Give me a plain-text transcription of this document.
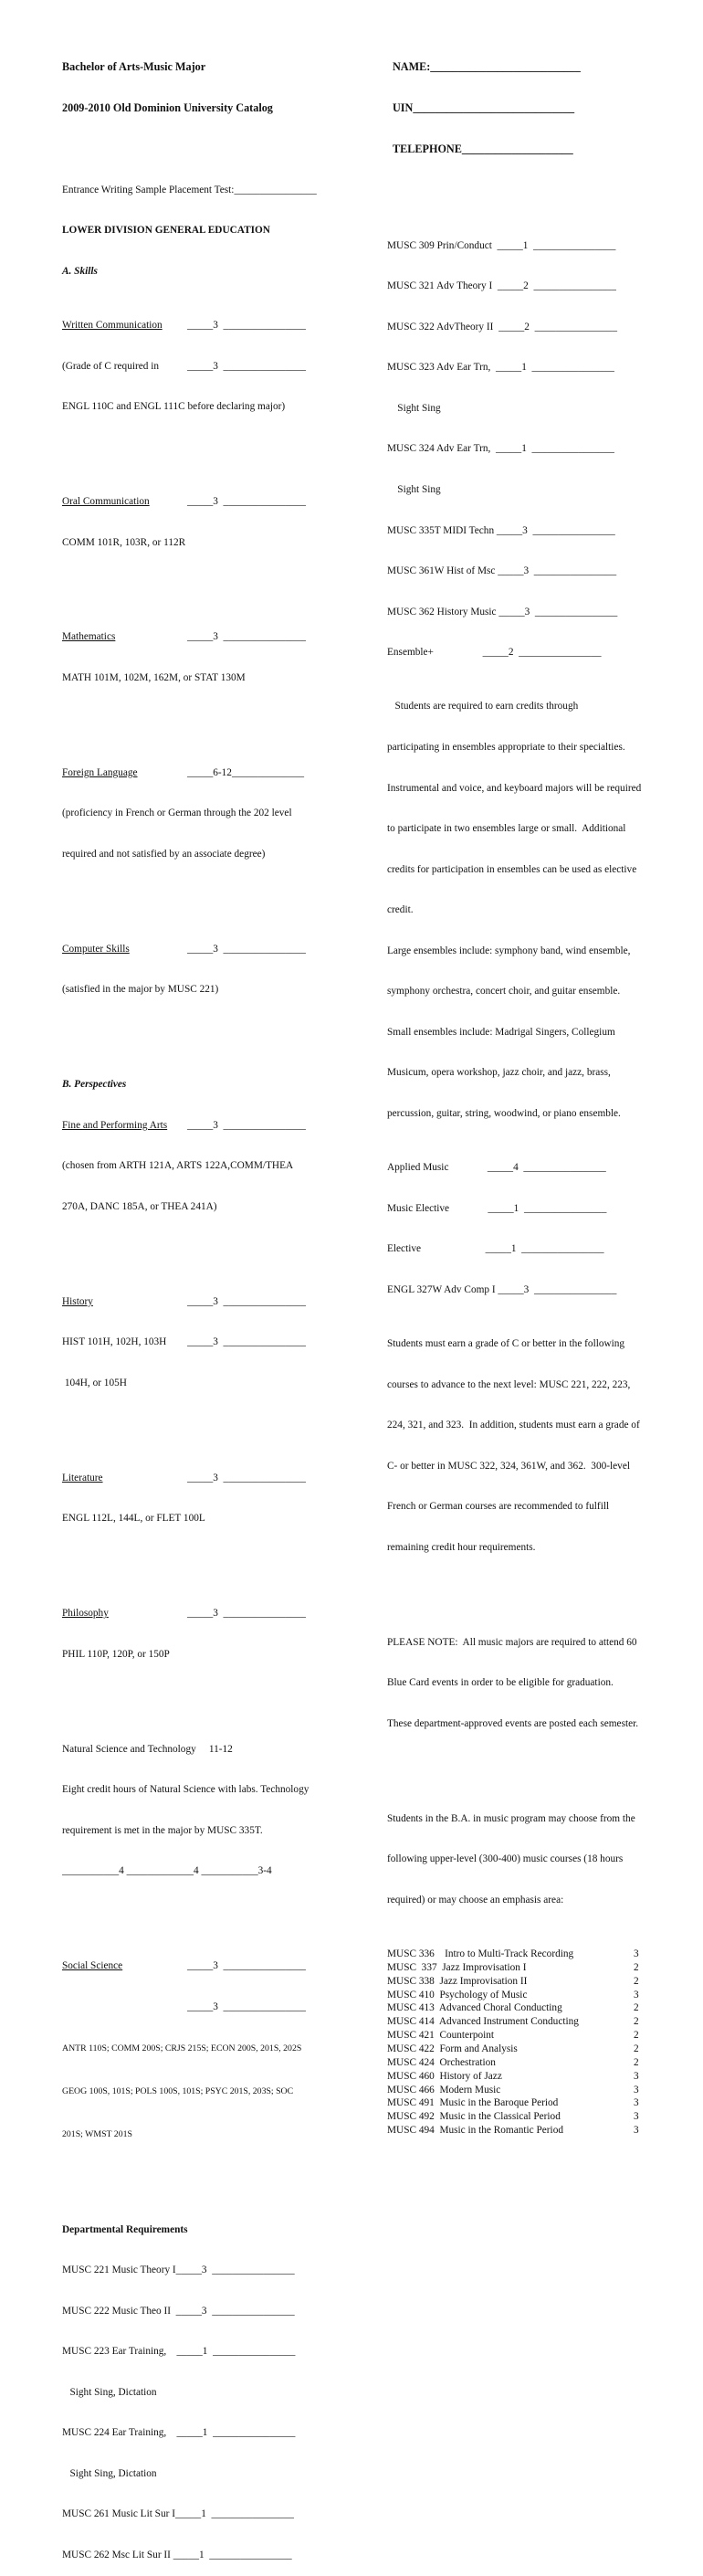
Bachelor of Arts-Music Major

2009-2010 Old Dominion University Catalog

Entrance Writing Sample Placement Test:________________

LOWER DIVISION GENERAL EDUCATION

A. Skills

Written Communication	_____3  ________________

(Grade of C required in	_____3  ________________

ENGL 110C and ENGL 111C before declaring major)

Oral Communication	_____3  ________________

COMM 101R, 103R, or 112R

Mathematics	_____3  ________________

MATH 101M, 102M, 162M, or STAT 130M

Foreign Language	_____6-12______________

(proficiency in French or German through the 202 level

required and not satisfied by an associate degree)

Computer Skills	_____3  ________________

(satisfied in the major by MUSC 221)

B. Perspectives

Fine and Performing Arts	_____3  ________________

(chosen from ARTH 121A, ARTS 122A,COMM/THEA

270A, DANC 185A, or THEA 241A)

History	_____3  ________________

HIST 101H, 102H, 103H	_____3  ________________

104H, or 105H

Literature	_____3  ________________

ENGL 112L, 144L, or FLET 100L

Philosophy	_____3  ________________

PHIL 110P, 120P, or 150P

Natural Science and Technology     11-12

Eight credit hours of Natural Science with labs. Technology

requirement is met in the major by MUSC 335T.

___________4 _____________4 ___________3-4

Social Science	_____3  ________________

_____3  ________________

ANTR 110S; COMM 200S; CRJS 215S; ECON 200S, 201S, 202S

GEOG 100S, 101S; POLS 100S, 101S; PSYC 201S, 203S; SOC

201S; WMST 201S

Departmental Requirements

MUSC 221 Music Theory I_____3  ________________

MUSC 222 Music Theo II  _____3  ________________

MUSC 223 Ear Training,    _____1  ________________

Sight Sing, Dictation

MUSC 224 Ear Training,    _____1  ________________

Sight Sing, Dictation

MUSC 261 Music Lit Sur I_____1  ________________

MUSC 262 Msc Lit Sur II _____1  ________________

NAME:___________________________

UIN_____________________________

TELEPHONE____________________

MUSC 309 Prin/Conduct  _____1  ________________

MUSC 321 Adv Theory I  _____2  ________________

MUSC 322 AdvTheory II  _____2  ________________

MUSC 323 Adv Ear Trn,  _____1  ________________

Sight Sing

MUSC 324 Adv Ear Trn,  _____1  ________________

Sight Sing

MUSC 335T MIDI Techn _____3  ________________

MUSC 361W Hist of Msc _____3  ________________

MUSC 362 History Music _____3  ________________

Ensemble+                   _____2  ________________

Students are required to earn credits through

participating in ensembles appropriate to their specialties.

Instrumental and voice, and keyboard majors will be required

to participate in two ensembles large or small.  Additional

credits for participation in ensembles can be used as elective

credit.

Large ensembles include: symphony band, wind ensemble,

symphony orchestra, concert choir, and guitar ensemble.

Small ensembles include: Madrigal Singers, Collegium

Musicum, opera workshop, jazz choir, and jazz, brass,

percussion, guitar, string, woodwind, or piano ensemble.

Applied Music               _____4  ________________

Music Elective               _____1  ________________

Elective                         _____1  ________________

ENGL 327W Adv Comp I _____3  ________________

Students must earn a grade of C or better in the following

courses to advance to the next level: MUSC 221, 222, 223,

224, 321, and 323.  In addition, students must earn a grade of

C- or better in MUSC 322, 324, 361W, and 362.  300-level

French or German courses are recommended to fulfill

remaining credit hour requirements.

PLEASE NOTE:  All music majors are required to attend 60

Blue Card events in order to be eligible for graduation.

These department-approved events are posted each semester.

Students in the B.A. in music program may choose from the

following upper-level (300-400) music courses (18 hours

required) or may choose an emphasis area:

MUSC 336    Intro to Multi-Track Recording	3
MUSC  337  Jazz Improvisation I	2
MUSC 338  Jazz Improvisation II	2
MUSC 410  Psychology of Music	3
MUSC 413  Advanced Choral Conducting	2
MUSC 414  Advanced Instrument Conducting	2
MUSC 421  Counterpoint	2
MUSC 422  Form and Analysis	2
MUSC 424  Orchestration	2
MUSC 460  History of Jazz	3
MUSC 466  Modern Music	3
MUSC 491  Music in the Baroque Period	3
MUSC 492  Music in the Classical Period	3
MUSC 494  Music in the Romantic Period	3
